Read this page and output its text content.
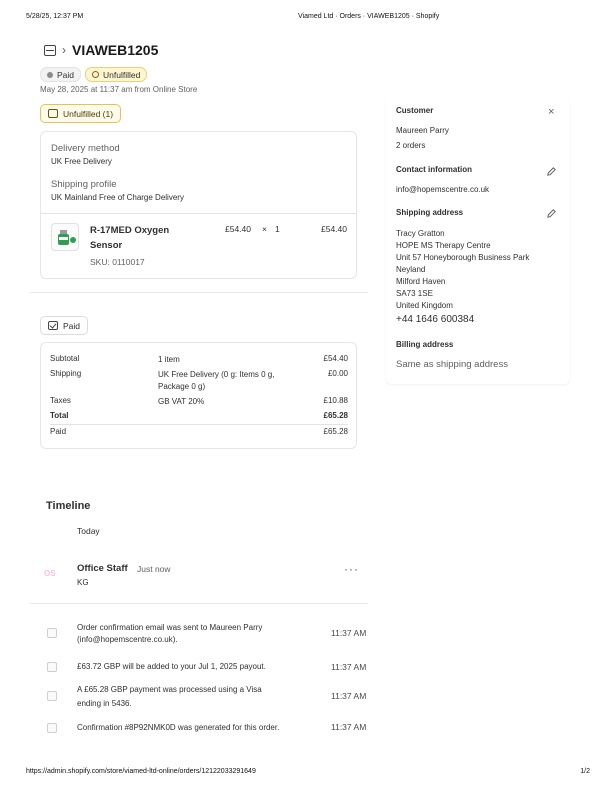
5/28/25, 12:37 PM	Viamed Ltd · Orders · VIAWEB1205 · Shopify
› VIAWEB1205
Paid	Unfulfilled
May 28, 2025 at 11:37 am from Online Store
Unfulfilled (1)
Delivery method
UK Free Delivery
Shipping profile
UK Mainland Free of Charge Delivery
R-17MED Oxygen
Sensor
SKU: 0110017
£54.40 × 1	£54.40
Paid
Subtotal	1 item	£54.40
Shipping	UK Free Delivery (0 g: Items 0 g, Package 0 g)
£0.00
Taxes	GB VAT 20%	£10.88
Total	£65.28
Paid	£65.28
Customer	×
Maureen Parry
2 orders
Contact information
info@hopemscentre.co.uk
Shipping address
Tracy Gratton
HOPE MS Therapy Centre
Unit 57 Honeyborough Business Park
Neyland
Milford Haven
SA73 1SE
United Kingdom
+44 1646 600384
Billing address
Same as shipping address
Timeline
Today
OS	Office Staff Just now
KG
···
Order confirmation email was sent to Maureen Parry
(info@hopemscentre.co.uk).
11:37 AM
£63.72 GBP will be added to your Jul 1, 2025 payout.	11:37 AM
A £65.28 GBP payment was processed using a Visa
ending in 5436.
11:37 AM
Confirmation #8P92NMK0D was generated for this order.	11:37 AM
https://admin.shopify.com/store/viamed-ltd-online/orders/12122033291649	1/2
